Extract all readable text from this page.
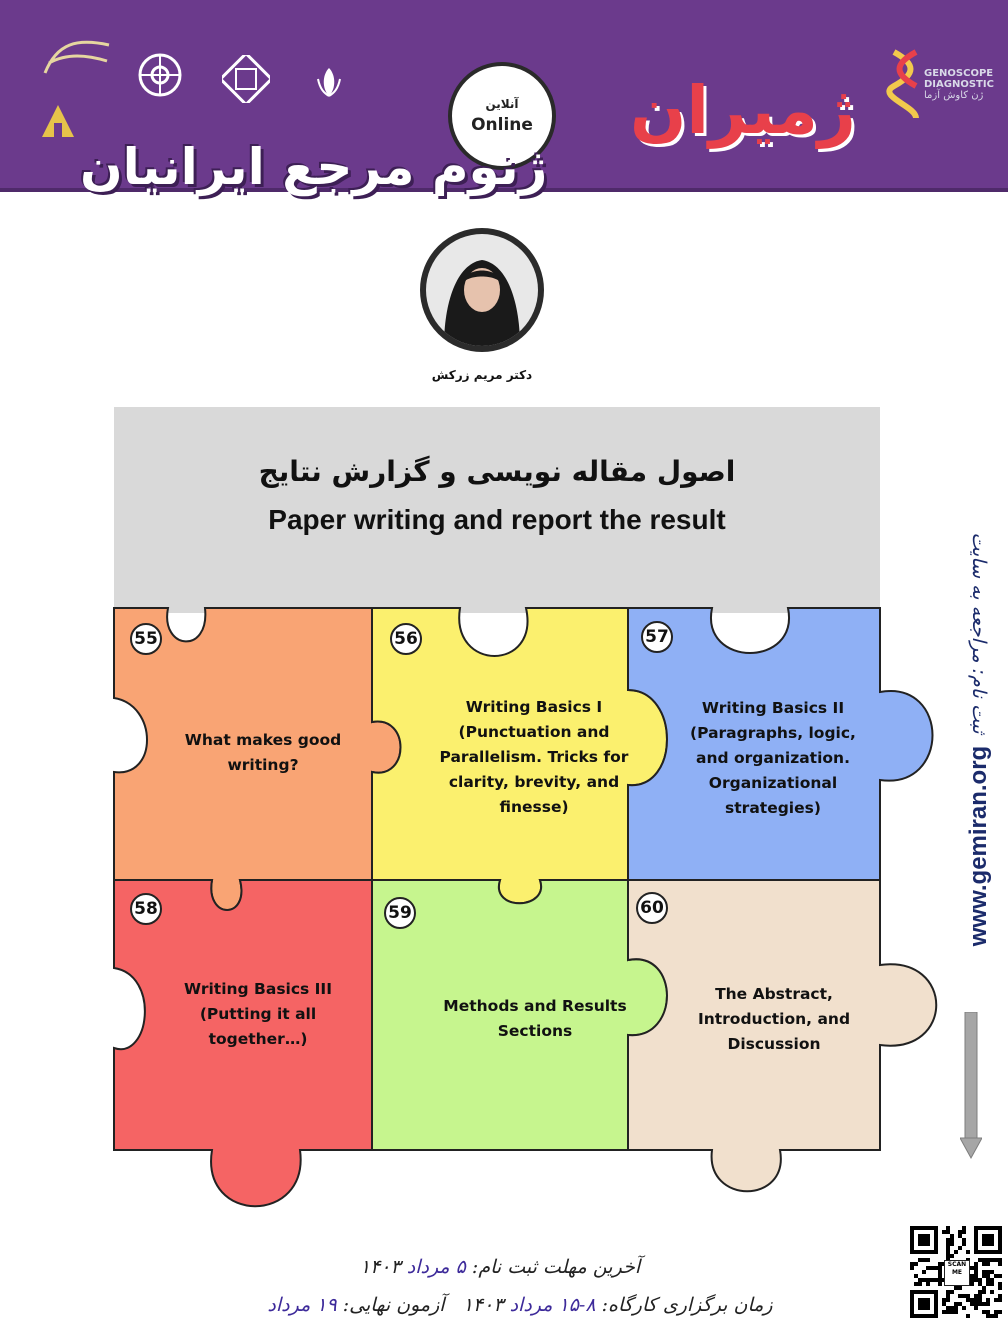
آنلاین
Online ژمیران	GENOSCOPE
DIAGNOSTIC
ژن کاوش آزما
ژنوم مرجع ایرانیان
دکتر مریم زرکش
اصول مقاله نویسی و گزارش نتایج
Paper writing and report the result
55	56	57
58	59	60
What makes good writing?
Writing Basics I (Punctuation and Parallelism. Tricks for clarity, brevity, and finesse)
Writing Basics II (Paragraphs, logic, and organization. Organizational strategies)
Writing Basics III (Putting it all together…)
Methods and Results Sections
The Abstract, Introduction, and Discussion
ثبت نام: مراجعه به سایت
www.gemiran.org
آخرین مهلت ثبت نام: ۵ مرداد ۱۴۰۳
زمان برگزاری کارگاه: ۸-۱۵ مرداد ۱۴۰۳   آزمون نهایی: ۱۹ مرداد
SCAN ME
